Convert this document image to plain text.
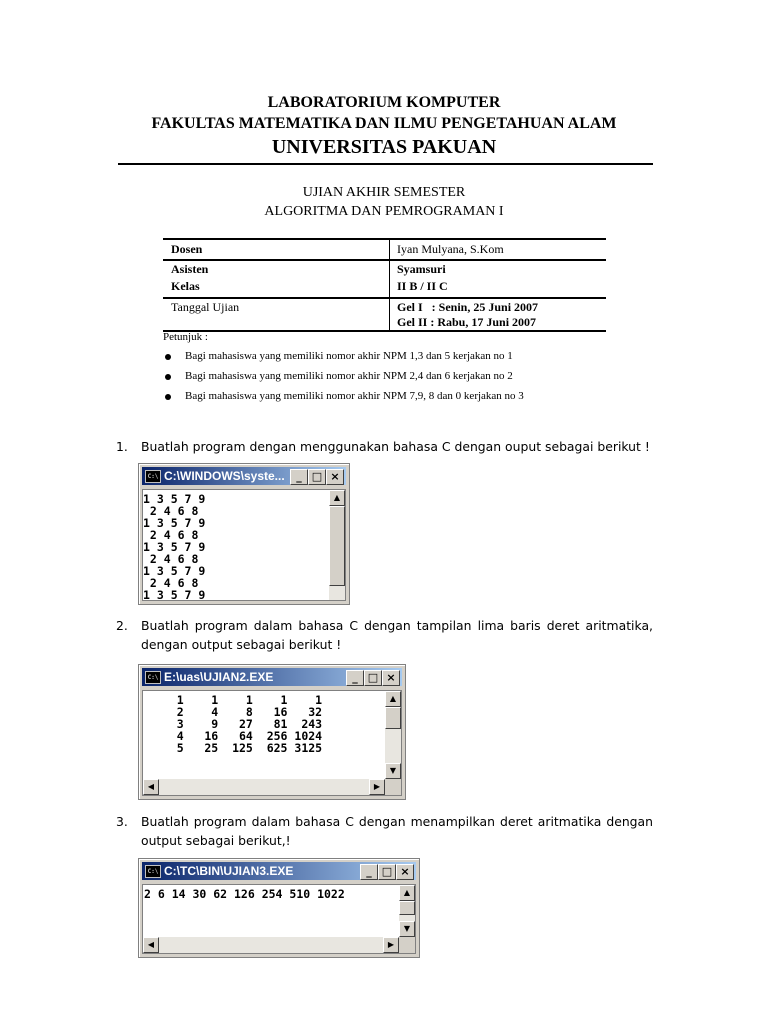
LABORATORIUM KOMPUTER
FAKULTAS MATEMATIKA DAN ILMU PENGETAHUAN ALAM
UNIVERSITAS PAKUAN
UJIAN AKHIR SEMESTER
ALGORITMA DAN PEMROGRAMAN I
Dosen	Iyan Mulyana, S.Kom
Asisten	Syamsuri
Kelas	II B / II C
Tanggal Ujian	Gel I   : Senin, 25 Juni 2007
Gel II : Rabu, 17 Juni 2007
Petunjuk :
Bagi mahasiswa yang memiliki nomor akhir NPM 1,3 dan 5 kerjakan no 1
Bagi mahasiswa yang memiliki nomor akhir NPM 2,4 dan 6 kerjakan no 2
Bagi mahasiswa yang memiliki nomor akhir NPM 7,9, 8 dan 0 kerjakan no 3
1. Buatlah program dengan menggunakan bahasa C dengan ouput sebagai berikut !
C:\ C:\WINDOWS\syste...	_ □ ×
1 3 5 7 9
2 4 6 8
1 3 5 7 9
2 4 6 8
1 3 5 7 9
2 4 6 8
1 3 5 7 9
2 4 6 8
1 3 5 7 9
▲
2. Buatlah program dalam bahasa C dengan tampilan lima baris deret aritmatika, dengan output sebagai berikut !
C:\ E:\uas\UJIAN2.EXE	_ □ ×
1    1    1    1    1
2    4    8   16   32
3    9   27   81  243
4   16   64  256 1024
5   25  125  625 3125
▲
▼
◀	▶
3. Buatlah program dalam bahasa C dengan menampilkan deret aritmatika dengan output sebagai berikut,!
C:\ C:\TC\BIN\UJIAN3.EXE	_ □ ×
2 6 14 30 62 126 254 510 1022	▲
▼
◀	▶
